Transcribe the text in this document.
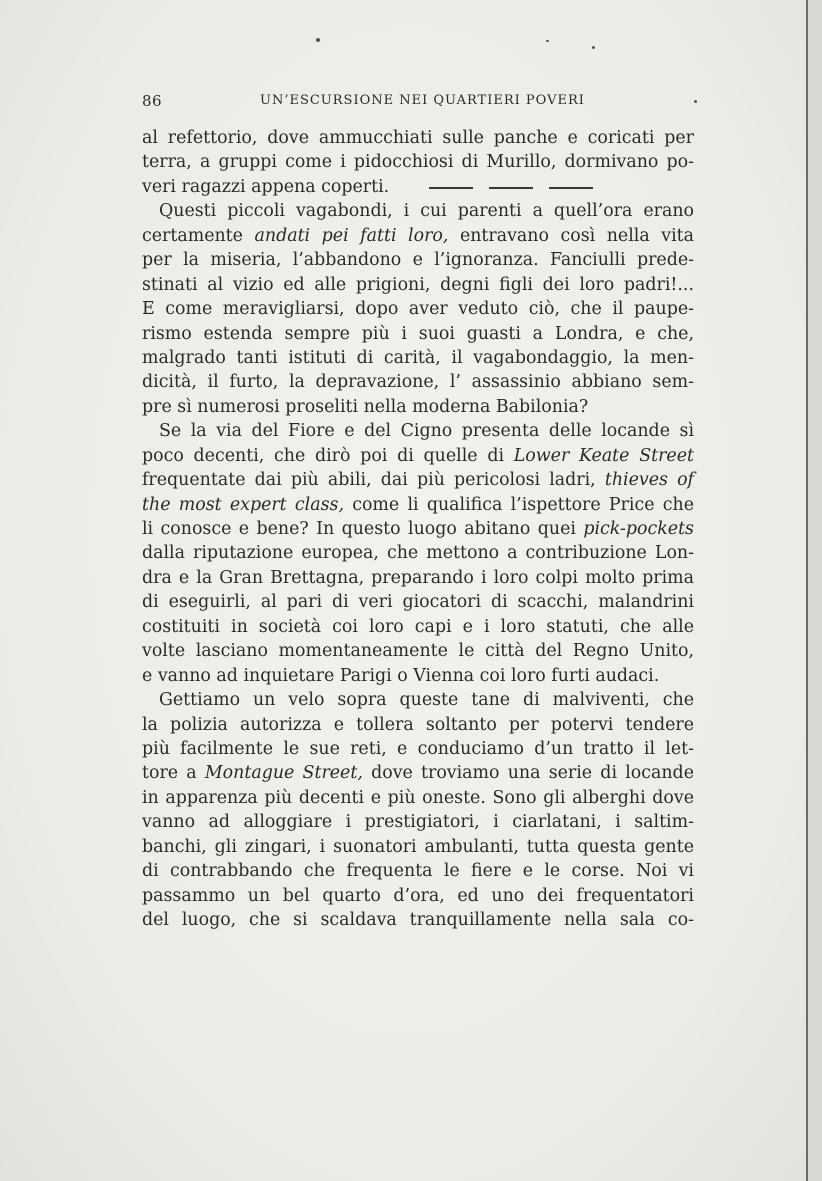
86	UN’ESCURSIONE NEI QUARTIERI POVERI
al refettorio, dove ammucchiati sulle panche e coricati per
terra, a gruppi come i pidocchiosi di Murillo, dormivano po-
veri ragazzi appena coperti.
Questi piccoli vagabondi, i cui parenti a quell’ora erano
certamente andati pei fatti loro, entravano così nella vita
per la miseria, l’abbandono e l’ignoranza. Fanciulli prede-
stinati al vizio ed alle prigioni, degni figli dei loro padri!...
E come meravigliarsi, dopo aver veduto ciò, che il paupe-
rismo estenda sempre più i suoi guasti a Londra, e che,
malgrado tanti istituti di carità, il vagabondaggio, la men-
dicità, il furto, la depravazione, l’ assassinio abbiano sem-
pre sì numerosi proseliti nella moderna Babilonia?
Se la via del Fiore e del Cigno presenta delle locande sì
poco decenti, che dirò poi di quelle di Lower Keate Street
frequentate dai più abili, dai più pericolosi ladri, thieves of
the most expert class, come li qualifica l’ispettore Price che
li conosce e bene? In questo luogo abitano quei pick-pockets
dalla riputazione europea, che mettono a contribuzione Lon-
dra e la Gran Brettagna, preparando i loro colpi molto prima
di eseguirli, al pari di veri giocatori di scacchi, malandrini
costituiti in società coi loro capi e i loro statuti, che alle
volte lasciano momentaneamente le città del Regno Unito,
e vanno ad inquietare Parigi o Vienna coi loro furti audaci.
Gettiamo un velo sopra queste tane di malviventi, che
la polizia autorizza e tollera soltanto per potervi tendere
più facilmente le sue reti, e conduciamo d’un tratto il let-
tore a Montague Street, dove troviamo una serie di locande
in apparenza più decenti e più oneste. Sono gli alberghi dove
vanno ad alloggiare i prestigiatori, i ciarlatani, i saltim-
banchi, gli zingari, i suonatori ambulanti, tutta questa gente
di contrabbando che frequenta le fiere e le corse. Noi vi
passammo un bel quarto d’ora, ed uno dei frequentatori
del luogo, che si scaldava tranquillamente nella sala co-
